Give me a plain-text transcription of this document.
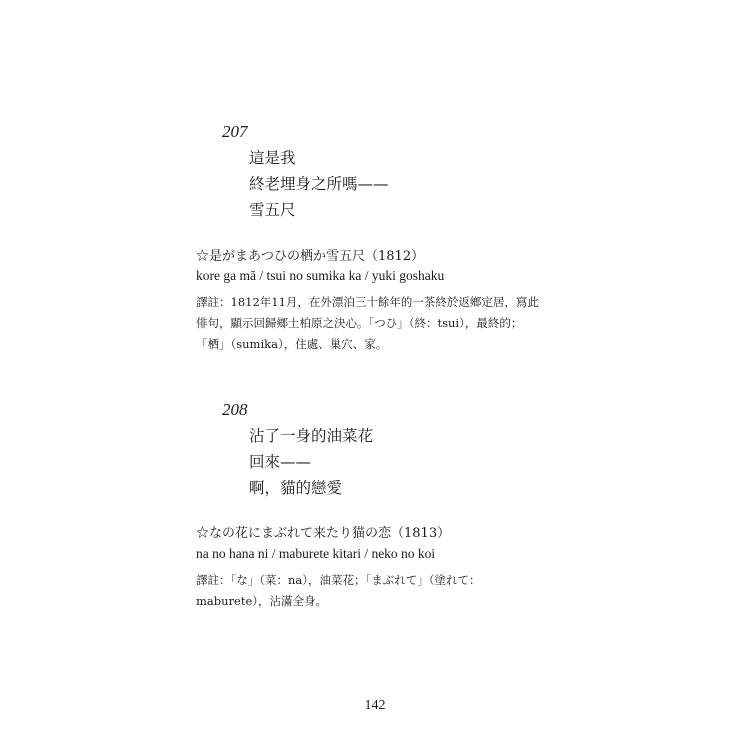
207
這是我
終老埋身之所嗎——
雪五尺
☆是がまあつひの栖か雪五尺（1812）
kore ga mā / tsui no sumika ka / yuki goshaku
譯註：1812年11月，在外漂泊三十餘年的一茶終於返鄉定居，寫此
俳句，顯示回歸鄉土柏原之決心。「つひ」（終：tsui），最終的；
「栖」（sumika），住處、巢穴、家。
208
沾了一身的油菜花
回來——
啊，貓的戀愛
☆なの花にまぶれて来たり猫の恋（1813）
na no hana ni / maburete kitari / neko no koi
譯註：「な」（菜：na），油菜花；「まぶれて」（塗れて：
maburete），沾滿全身。
142
